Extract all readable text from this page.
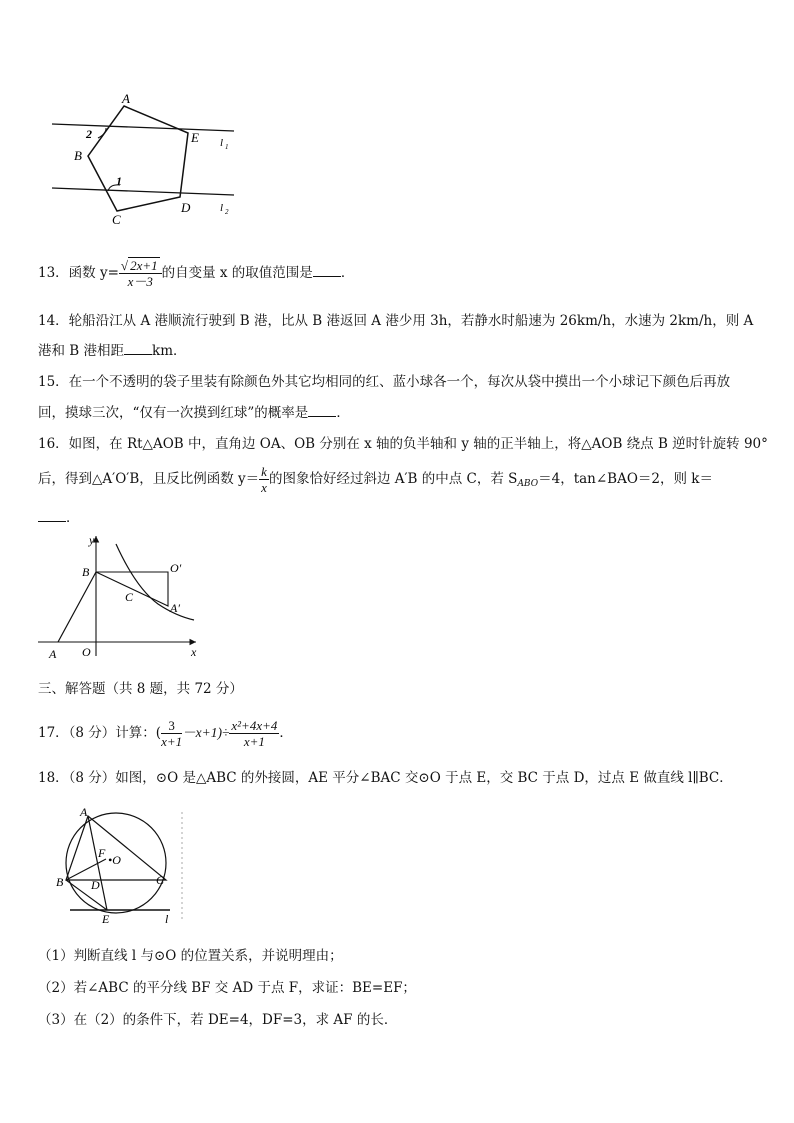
A
B
C
D
E
2
1
l 1
l 2
13．函数 $y= \frac{√ 2x+1}{x-3}$ 的自变量 x 的取值范围是 ．
14．轮船沿江从 A 港顺流行驶到 B 港，比从 B 港返回 A 港少用 3h，若静水时船速为 26km/h，水速为 2km/h，则 A
港和 B 港相距 km．
15．在一个不透明的袋子里装有除颜色外其它均相同的红、蓝小球各一个，每次从袋中摸出一个小球记下颜色后再放
回，摸球三次，“仅有一次摸到红球”的概率是 ．
16．如图，在 Rt△AOB 中，直角边 OA、OB 分别在 x 轴的负半轴和 y 轴的正半轴上，将△AOB 绕点 B 逆时针旋转 90°
后，得到△A′O′B，且反比例函数 $y= \frac{k}{x}$ 的图象恰好经过斜边 A′B 的中点 C，若 $S_{ABO}=4$，tan∠BAO＝2，则 k＝
．
y
x
B	O′
C
A′
A O
三、解答题（共 8 题，共 72 分）
17．（8 分）计算：( $\frac{3}{x+1} -x+1)\div \frac{\text{x²+4x+4}}{x+1}$ ．
18．（8 分）如图，⊙O 是△ABC 的外接圆，AE 平分∠BAC 交⊙O 于点 E，交 BC 于点 D，过点 E 做直线 l∥BC．
A
F •O
B	C
D
E	l
（1）判断直线 l 与⊙O 的位置关系，并说明理由；
（2）若∠ABC 的平分线 BF 交 AD 于点 F，求证：BE=EF；
（3）在（2）的条件下，若 DE=4，DF=3，求 AF 的长．
